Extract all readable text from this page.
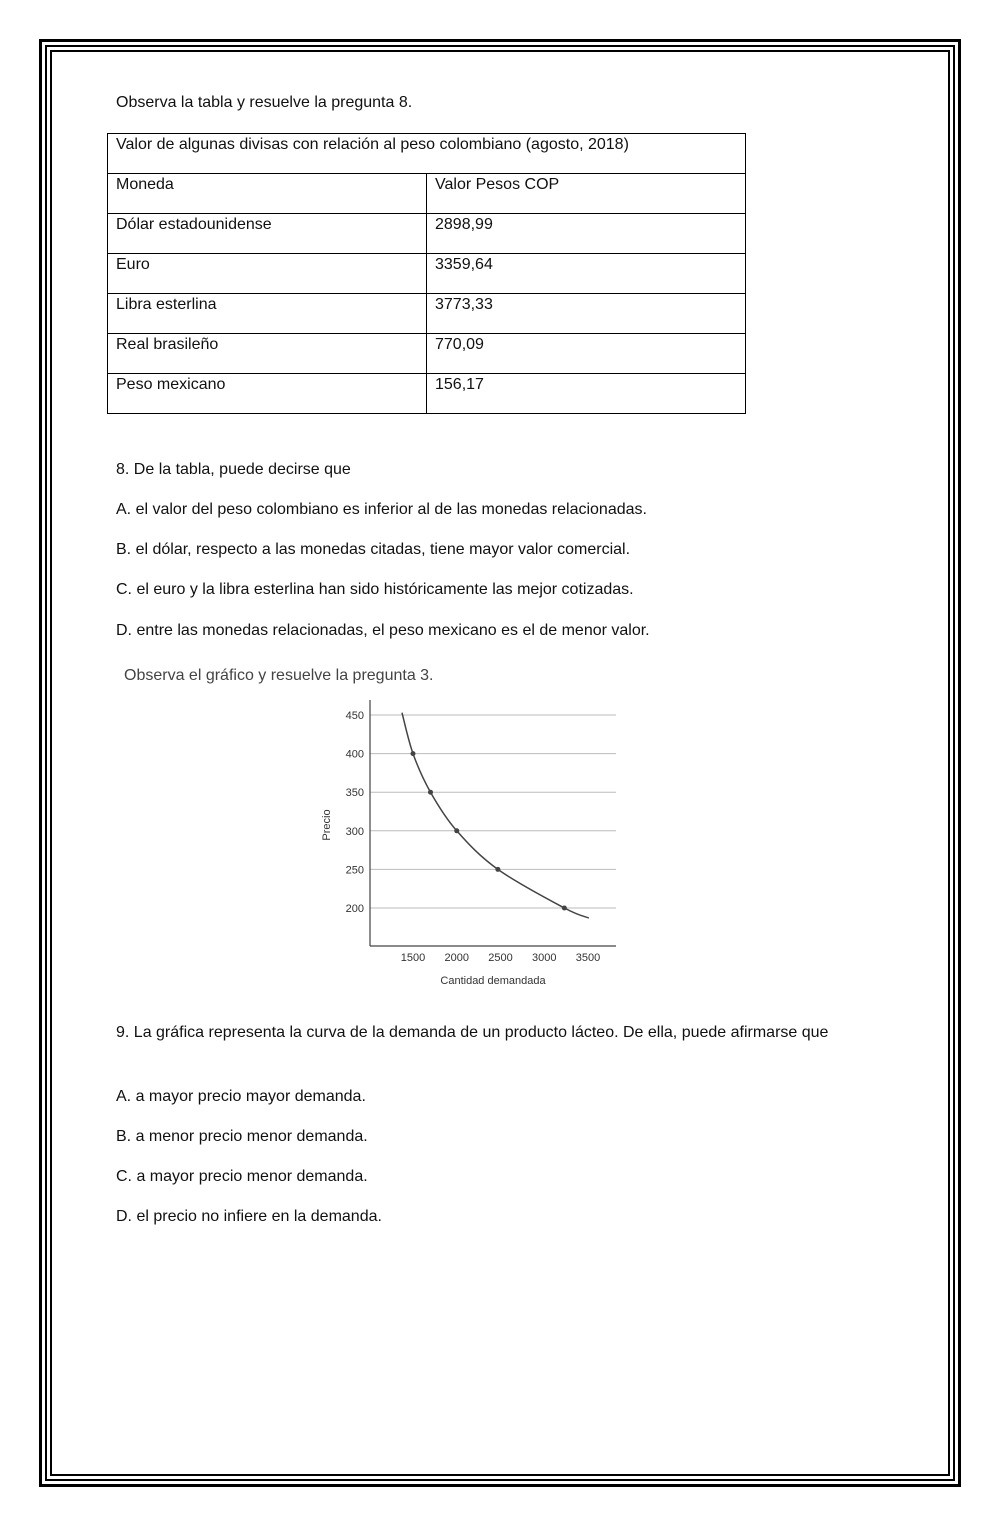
Observa la tabla y resuelve la pregunta 8.
Valor de algunas divisas con relación al peso colombiano (agosto, 2018)	
Moneda	Valor Pesos COP
Dólar estadounidense	2898,99
Euro	3359,64
Libra esterlina	3773,33
Real brasileño	770,09
Peso mexicano	156,17
8. De la tabla, puede decirse que
A. el valor del peso colombiano es inferior al de las monedas relacionadas.
B. el dólar, respecto a las monedas citadas, tiene mayor valor comercial.
C. el euro y la libra esterlina han sido históricamente las mejor cotizadas.
D. entre las monedas relacionadas, el peso mexicano es el de menor valor.
Observa el gráfico y resuelve la pregunta 3.
200
250
300
350
400
450
1500 2000 2500 3000 3500
Cantidad demandada
Precio
9. La gráfica representa la curva de la demanda de un producto lácteo. De ella, puede afirmarse que
A. a mayor precio mayor demanda.
B. a menor precio menor demanda.
C. a mayor precio menor demanda.
D. el precio no infiere en la demanda.
